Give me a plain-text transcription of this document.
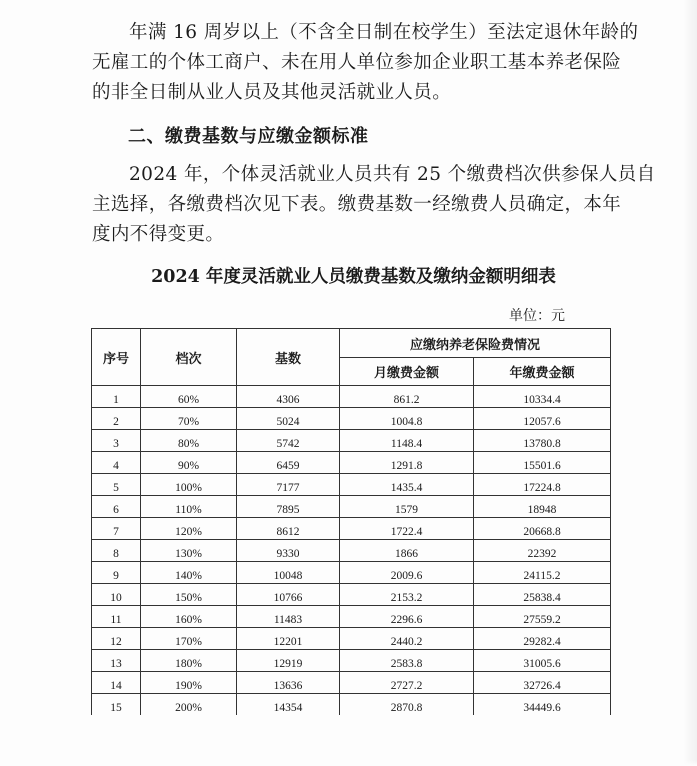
年满 16 周岁以上（不含全日制在校学生）至法定退休年龄的
无雇工的个体工商户、未在用人单位参加企业职工基本养老保险
的非全日制从业人员及其他灵活就业人员。

二、缴费基数与应缴金额标准

2024 年，个体灵活就业人员共有 25 个缴费档次供参保人员自
主选择，各缴费档次见下表。缴费基数一经缴费人员确定，本年
度内不得变更。

2024 年度灵活就业人员缴费基数及缴纳金额明细表
单位：元
序号	档次	基数	应缴纳养老保险费情况	
			月缴费金额	年缴费金额
1	60%	4306	861.2	10334.4
2	70%	5024	1004.8	12057.6
3	80%	5742	1148.4	13780.8
4	90%	6459	1291.8	15501.6
5	100%	7177	1435.4	17224.8
6	110%	7895	1579	18948
7	120%	8612	1722.4	20668.8
8	130%	9330	1866	22392
9	140%	10048	2009.6	24115.2
10	150%	10766	2153.2	25838.4
11	160%	11483	2296.6	27559.2
12	170%	12201	2440.2	29282.4
13	180%	12919	2583.8	31005.6
14	190%	13636	2727.2	32726.4
15	200%	14354	2870.8	34449.6
